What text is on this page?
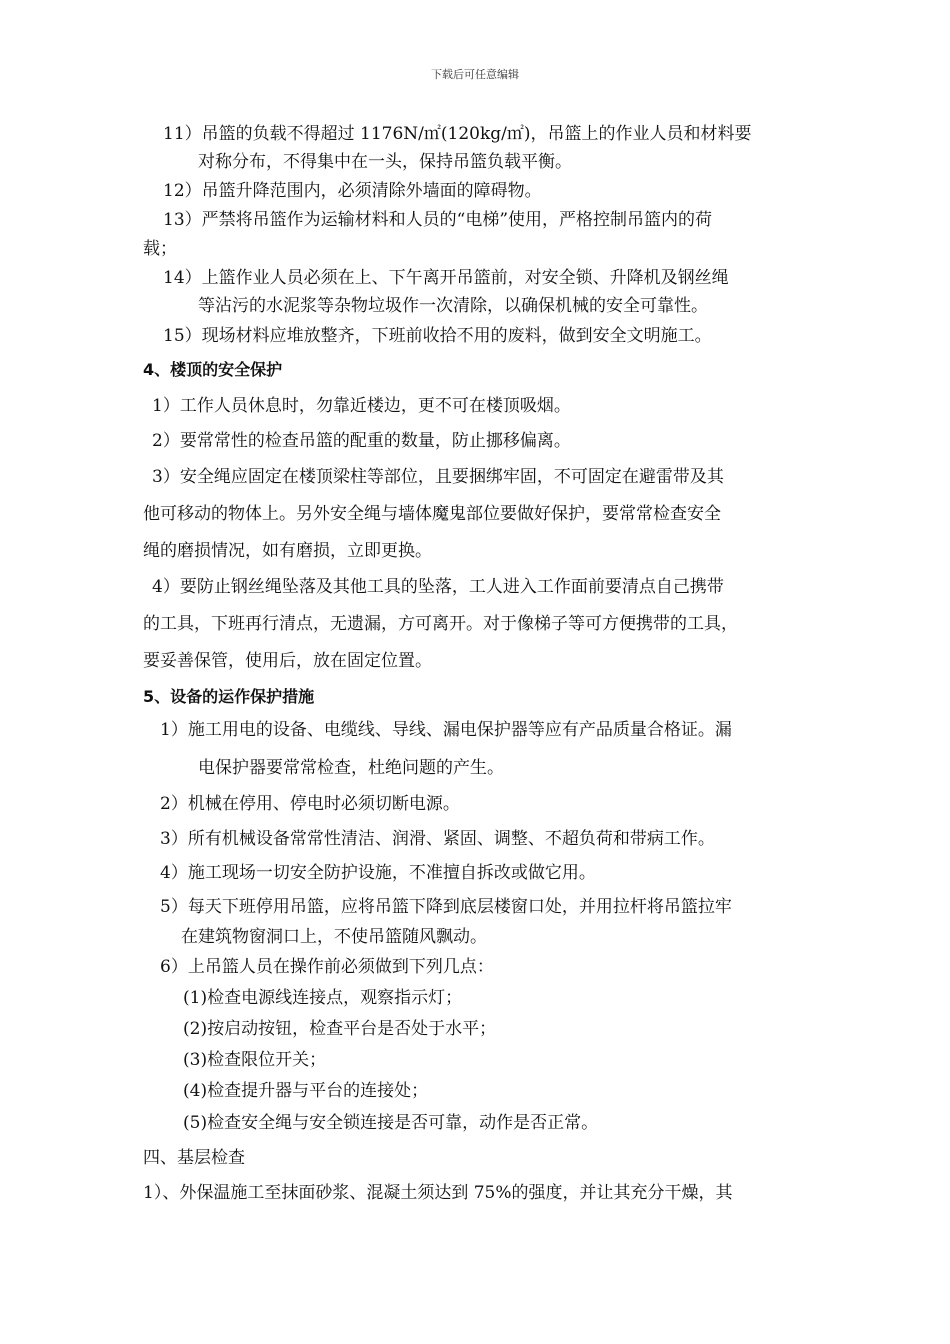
下载后可任意编辑
11）吊篮的负载不得超过 1176N/㎡(120kg/㎡)，吊篮上的作业人员和材料要
对称分布，不得集中在一头，保持吊篮负载平衡。
12）吊篮升降范围内，必须清除外墙面的障碍物。
13）严禁将吊篮作为运输材料和人员的“电梯”使用，严格控制吊篮内的荷
载；
14）上篮作业人员必须在上、下午离开吊篮前，对安全锁、升降机及钢丝绳
等沾污的水泥浆等杂物垃圾作一次清除，以确保机械的安全可靠性。
15）现场材料应堆放整齐，下班前收拾不用的废料，做到安全文明施工。
4、楼顶的安全保护
1）工作人员休息时，勿靠近楼边，更不可在楼顶吸烟。
2）要常常性的检查吊篮的配重的数量，防止挪移偏离。
3）安全绳应固定在楼顶梁柱等部位，且要捆绑牢固，不可固定在避雷带及其
他可移动的物体上。另外安全绳与墙体魔鬼部位要做好保护，要常常检查安全
绳的磨损情况，如有磨损，立即更换。
4）要防止钢丝绳坠落及其他工具的坠落，工人进入工作面前要清点自己携带
的工具，下班再行清点，无遗漏，方可离开。对于像梯子等可方便携带的工具，
要妥善保管，使用后，放在固定位置。
5、设备的运作保护措施
1）施工用电的设备、电缆线、导线、漏电保护器等应有产品质量合格证。漏
电保护器要常常检查，杜绝问题的产生。
2）机械在停用、停电时必须切断电源。
3）所有机械设备常常性清洁、润滑、紧固、调整、不超负荷和带病工作。
4）施工现场一切安全防护设施，不准擅自拆改或做它用。
5）每天下班停用吊篮，应将吊篮下降到底层楼窗口处，并用拉杆将吊篮拉牢
在建筑物窗洞口上，不使吊篮随风飘动。
6）上吊篮人员在操作前必须做到下列几点：
(1)检查电源线连接点，观察指示灯；
(2)按启动按钮，检查平台是否处于水平；
(3)检查限位开关；
(4)检查提升器与平台的连接处；
(5)检查安全绳与安全锁连接是否可靠，动作是否正常。
四、基层检查
1）、外保温施工至抹面砂浆、混凝土须达到 75%的强度，并让其充分干燥，其
